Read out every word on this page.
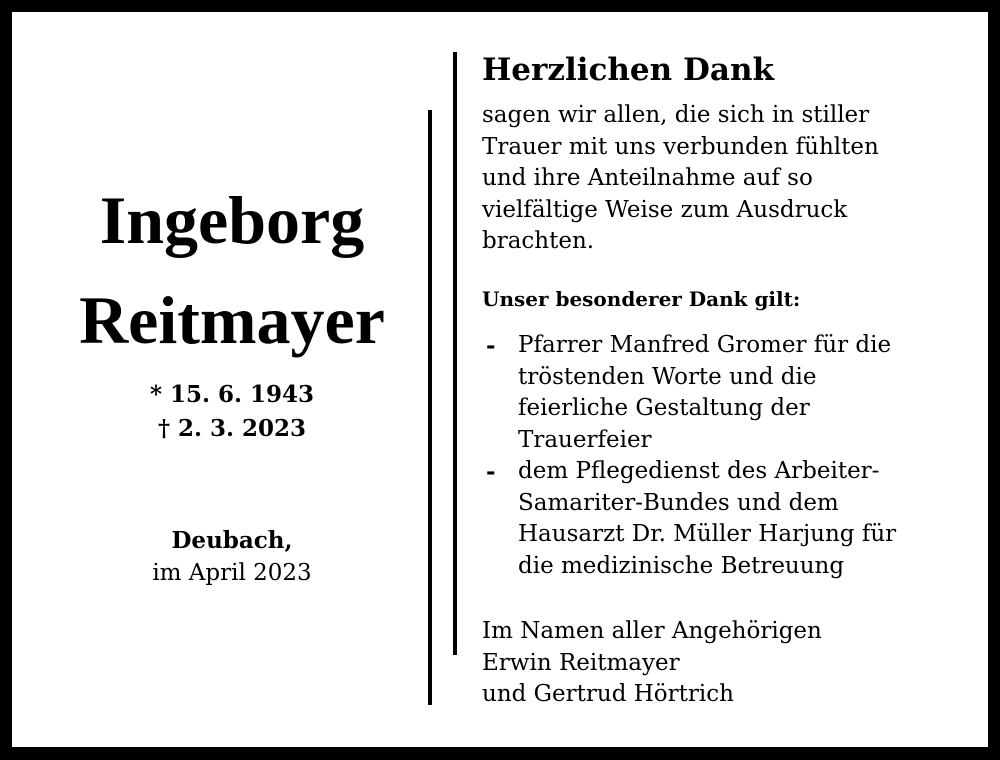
Ingeborg
Reitmayer
* 15. 6. 1943
† 2. 3. 2023
Deubach,
im April 2023
Herzlichen Dank
sagen wir allen, die sich in stiller
Trauer mit uns verbunden fühlten
und ihre Anteilnahme auf so
vielfältige Weise zum Ausdruck
brachten.
Unser besonderer Dank gilt:
- Pfarrer Manfred Gromer für die
tröstenden Worte und die
feierliche Gestaltung der
Trauerfeier
- dem Pflegedienst des Arbeiter-
Samariter-Bundes und dem
Hausarzt Dr. Müller Harjung für
die medizinische Betreuung
Im Namen aller Angehörigen
Erwin Reitmayer
und Gertrud Hörtrich
